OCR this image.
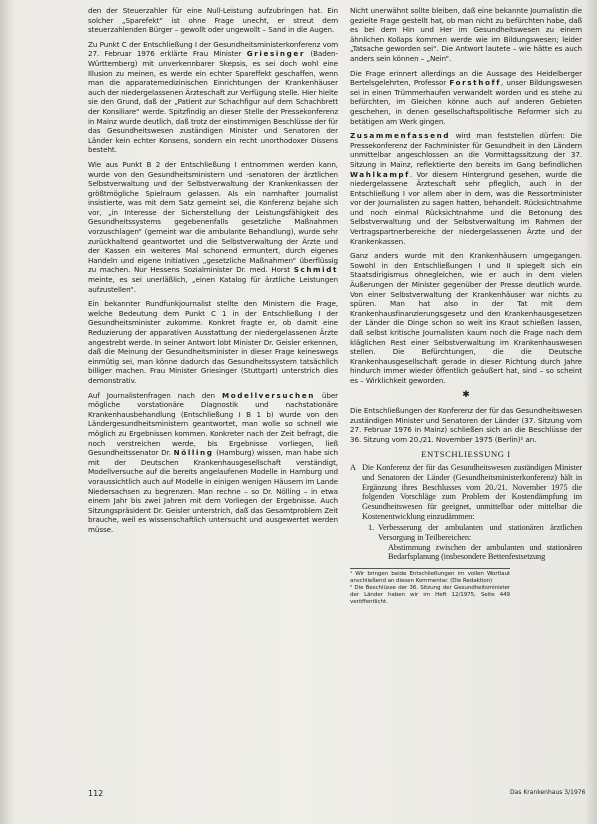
den der Steuerzahler für eine Null-Leistung aufzubringen hat. Ein solcher „Sparefekt“ ist ohne Frage unecht, er streut dem steuerzahlenden Bürger – gewollt oder ungewollt – Sand in die Augen.

Zu Punkt C der Entschließung I der Gesundheitsministerkonferenz vom 27. Februar 1976 erklärte Frau Minister Griesinger (Baden-Württemberg) mit unverkennbarer Skepsis, es sei doch wohl eine Illusion zu meinen, es werde ein echter Spareffekt geschaffen, wenn man die apparatemedizinischen Einrichtungen der Krankenhäuser auch der niedergelassenen Ärzteschaft zur Verfügung stelle. Hier hielte sie den Grund, daß der „Patient zur Schachfigur auf dem Schachbrett der Konsiliare“ werde. Spitzfindig an dieser Stelle der Pressekonferenz in Mainz wurde deutlich, daß trotz der einstimmigen Beschlüsse der für das Gesundheitswesen zuständigen Minister und Senatoren der Länder kein echter Konsens, sondern ein recht unorthodoxer Dissens besteht.

Wie aus Punkt B 2 der Entschließung I entnommen werden kann, wurde von den Gesundheitsministern und -senatoren der ärztlichen Selbstverwaltung und der Selbstverwaltung der Krankenkassen der größtmögliche Spielraum gelassen. Als ein namhafter Journalist insistierte, was mit dem Satz gemeint sei, die Konferenz bejahe sich vor, „in Interesse der Sicherstellung der Leistungsfähigkeit des Gesundheitssystems gegebenenfalls gesetzliche Maßnahmen vorzuschlagen“ (gemeint war die ambulante Behandlung), wurde sehr zurückhaltend geantwortet und die Selbstverwaltung der Ärzte und der Kassen ein weiteres Mal schonend ermuntert, durch eigenes Handeln und eigene Initiativen „gesetzliche Maßnahmen“ überflüssig zu machen. Nur Hessens Sozialminister Dr. med. Horst Schmidt meinte, es sei unerläßlich, „einen Katalog für ärztliche Leistungen aufzustellen“.

Ein bekannter Rundfunkjournalist stellte den Ministern die Frage, welche Bedeutung dem Punkt C 1 in der Entschließung I der Gesundheitsminister zukomme. Konkret fragte er, ob damit eine Reduzierung der apparativen Ausstattung der niedergelassenen Ärzte angestrebt werde. In seiner Antwort lobt Minister Dr. Geisler erkennen, daß die Meinung der Gesundheitsminister in dieser Frage keineswegs einmütig sei, man könne dadurch das Gesundheitssystem tatsächlich billiger machen. Frau Minister Griesinger (Stuttgart) unterstrich dies demonstrativ.

Auf Journalistenfragen nach den Modellversuchen über mögliche vorstationäre Diagnostik und nachstationäre Krankenhausbehandlung (Entschließung I B 1 b) wurde von den Ländergesundheitsministern geantwortet, man wolle so schnell wie möglich zu Ergebnissen kommen. Konkreter nach der Zeit befragt, die noch verstreichen werde, bis Ergebnisse vorliegen, ließ Gesundheitssenator Dr. Nölling (Hamburg) wissen, man habe sich mit der Deutschen Krankenhausgesellschaft verständigt, Modellversuche auf die bereits angelaufenen Modelle in Hamburg und voraussichtlich auch auf Modelle in einigen wenigen Häusern im Lande Niedersachsen zu begrenzen. Man rechne – so Dr. Nölling – in etwa einem Jahr bis zwei Jahren mit dem Vorliegen der Ergebnisse. Auch Sitzungspräsident Dr. Geisler unterstrich, daß das Gesamtproblem Zeit brauche, weil es wissenschaftlich untersucht und ausgewertet werden müsse.

Nicht unerwähnt sollte bleiben, daß eine bekannte Journalistin die gezielte Frage gestellt hat, ob man nicht zu befürchten habe, daß es bei dem Hin und Her im Gesundheitswesen zu einem ähnlichen Kollaps kommen werde wie im Bildungswesen; leider „Tatsache geworden sei“. Die Antwort lautete – wie hätte es auch anders sein können – „Nein“.

Die Frage erinnert allerdings an die Aussage des Heidelberger Bertelsgelehrten, Professor Forsthoff, unser Bildungswesen sei in einen Trümmerhaufen verwandelt worden und es stehe zu befürchten, im Gleichen könne auch auf anderen Gebieten geschehen, in denen gesellschaftspolitische Reformer sich zu betätigen am Werk gingen.

Zusammenfassend wird man feststellen dürfen: Die Pressekonferenz der Fachminister für Gesundheit in den Ländern unmittelbar angeschlossen an die Vormittagssitzung der 37. Sitzung in Mainz, reflektierte den bereits im Gang befindlichen Wahlkampf. Vor diesem Hintergrund gesehen, wurde die niedergelassene Ärzteschaft sehr pfleglich, auch in der Entschließung I vor allem aber in dem, was die Ressortminister vor der Journalisten zu sagen hatten, behandelt. Rücksichtnahme und noch einmal Rücksichtnahme und die Betonung des Selbstverwaltung und der Selbstverwaltung im Rahmen der Vertragspartnerbereiche der niedergelassenen Ärzte und der Krankenkassen.

Ganz anders wurde mit den Krankenhäusern umgegangen. Sowohl in den Entschließungen I und II spiegelt sich ein Staatsdirigismus ohnegleichen, wie er auch in dem vielen Äußerungen der Minister gegenüber der Presse deutlich wurde. Von einer Selbstverwaltung der Krankenhäuser war nichts zu spüren. Man hat also in der Tat mit dem Krankenhausfinanzierungsgesetz und den Krankenhausgesetzen der Länder die Dinge schon so weit ins Kraut schießen lassen, daß selbst kritische Journalisten kaum noch die Frage nach dem kläglichen Rest einer Selbstverwaltung im Krankenhauswesen stellen. Die Befürchtungen, die die Deutsche Krankenhausgesellschaft gerade in dieser Richtung durch Jahre hindurch immer wieder öffentlich geäußert hat, sind – so scheint es – Wirklichkeit geworden.

✱

Die Entschließungen der Konferenz der für das Gesundheitswesen zuständigen Minister und Senatoren der Länder (37. Sitzung vom 27. Februar 1976 in Mainz) schließen sich an die Beschlüsse der 36. Sitzung vom 20./21. November 1975 (Berlin)² an.

ENTSCHLIESSUNG I
A Die Konferenz der für das Gesundheitswesen zuständigen Minister und Senatoren der Länder (Gesundheitsministerkonferenz) hält in Ergänzung ihres Beschlusses vom 20./21. November 1975 die folgenden Vorschläge zum Problem der Kostendämpfung im Gesundheitswesen für geeignet, unmittelbar oder mittelbar die Kostenentwicklung einzudämmen:
1. Verbesserung der ambulanten und stationären ärztlichen Versorgung in Teilbereichen:
Abstimmung zwischen der ambulanten und stationären Bedarfsplanung (insbesondere Bettenfestsetzung
¹ Wir bringen beide Entschließungen im vollen Wortlaut anschließend an diesen Kommentar. (Die Redaktion)
² Die Beschlüsse der 36. Sitzung der Gesundheitsminister der Länder haben wir im Heft 12/1975, Seite 449 veröffentlicht.
112	Das Krankenhaus 3/1976
